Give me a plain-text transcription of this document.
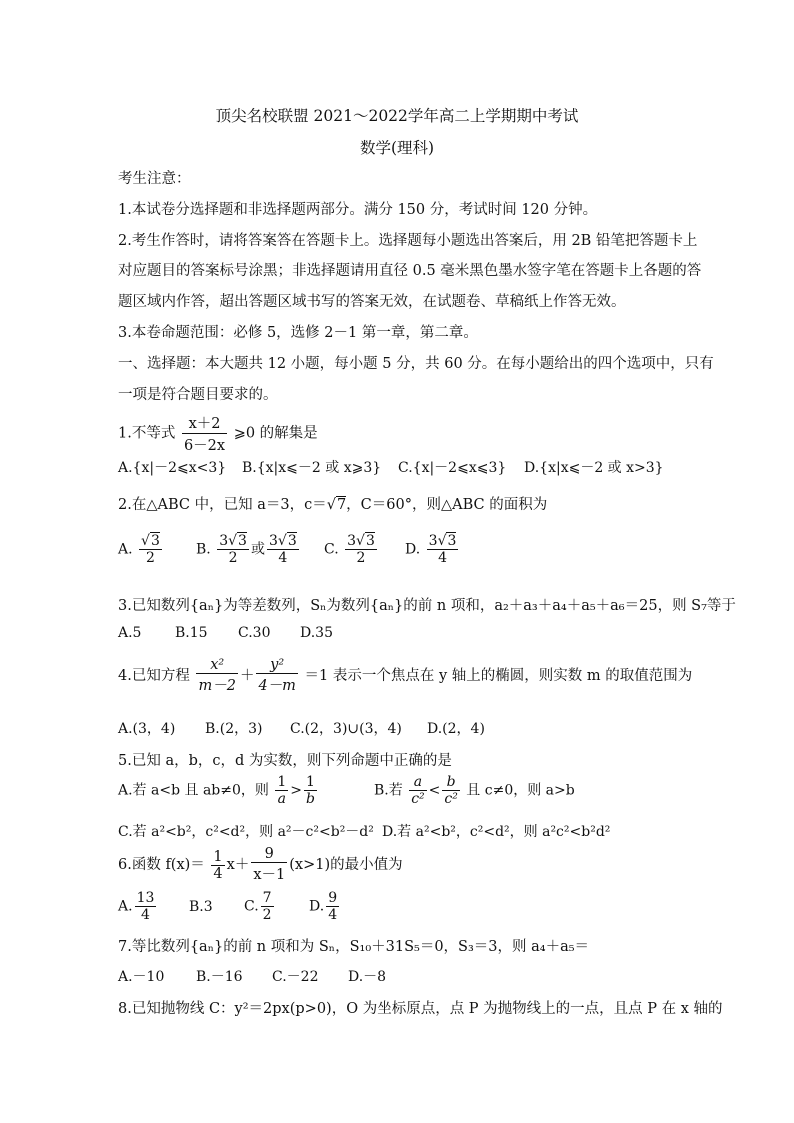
顶尖名校联盟 2021～2022学年高二上学期期中考试
数学(理科)
考生注意：
1.本试卷分选择题和非选择题两部分。满分 150 分，考试时间 120 分钟。
2.考生作答时，请将答案答在答题卡上。选择题每小题选出答案后，用 2B 铅笔把答题卡上
对应题目的答案标号涂黑；非选择题请用直径 0.5 毫米黑色墨水签字笔在答题卡上各题的答
题区域内作答，超出答题区域书写的答案无效，在试题卷、草稿纸上作答无效。
3.本卷命题范围：必修 5，选修 2－1 第一章，第二章。
一、选择题：本大题共 12 小题，每小题 5 分，共 60 分。在每小题给出的四个选项中，只有
一项是符合题目要求的。
1.不等式 $\frac{x+2}{6-2x}$ ⩾0 的解集是
A.{x|－2⩽x<3} B.{x|x⩽－2 或 x⩾3} C.{x|－2⩽x⩽3} D.{x|x⩽－2 或 x>3}
2.在△ABC 中，已知 a＝3，c＝√7，C＝60°，则△ABC 的面积为
A. $\frac{√3}{2} B$. $\frac{3√3}{2}$ 或 $\frac{3√3}{4} C$. $\frac{3√3}{2} D$. $\frac{3√3}{4}$
3.已知数列{aₙ}为等差数列，Sₙ为数列{aₙ}的前 n 项和，a₂＋a₃＋a₄＋a₅＋a₆＝25，则 S₇等于
A.5 B.15 C.30 D.35
4.已知方程 $\frac{\text{x²}}{m-2} + \frac{\text{y²}}{4-m} =1$ 表示一个焦点在 y 轴上的椭圆，则实数 m 的取值范围为
A.(3，4) B.(2，3) C.(2，3)∪(3，4) D.(2，4)
5.已知 a，b，c，d 为实数，则下列命题中正确的是
A.若 a<b 且 ab≠0，则 $\frac{1}{a} > \frac{1}{b}$	B.若 $\frac{a}{\text{c²}} < \frac{b}{\text{c²}}$ 且 c≠0，则 a>b
C.若 a²<b²，c²<d²，则 a²－c²<b²－d² D.若 a²<b²，c²<d²，则 a²c²<b²d²
6.函数 $f(x)= \frac{1}{4} x+ \frac{9}{x-1} (x>1)$的最小值为
A. $\frac{13}{4} B.3$ C. $\frac{7}{2}$	D. $\frac{9}{4}$
7.等比数列{aₙ}的前 n 项和为 Sₙ，S₁₀＋31S₅＝0，S₃＝3，则 a₄＋a₅＝
A.－10 B.－16 C.－22 D.－8
8.已知抛物线 C：y²＝2px(p>0)，O 为坐标原点，点 P 为抛物线上的一点，且点 P 在 x 轴的
